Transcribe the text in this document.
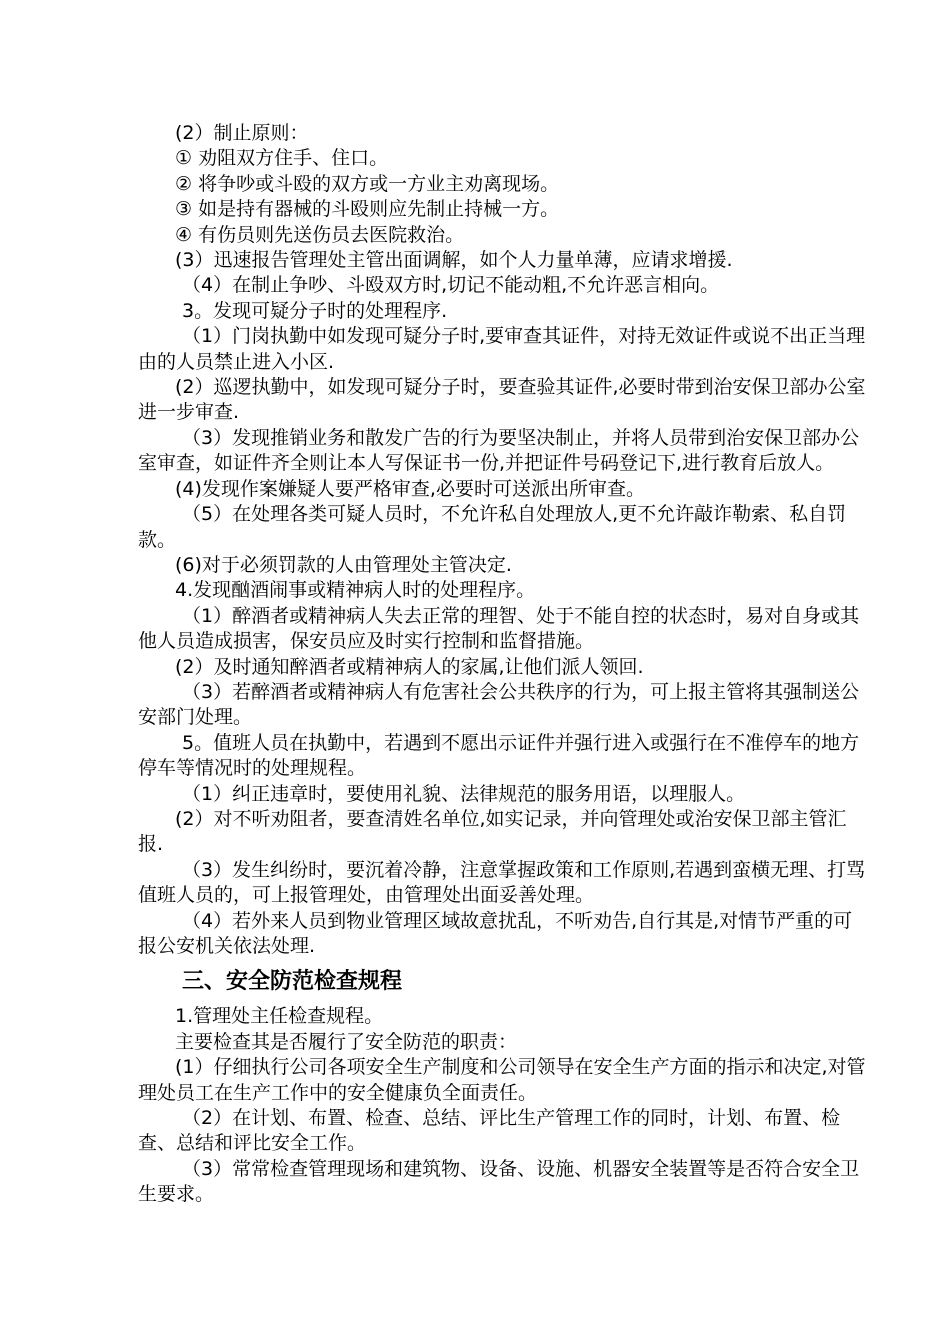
(2）制止原则：

① 劝阻双方住手、住口。

② 将争吵或斗殴的双方或一方业主劝离现场。

③ 如是持有器械的斗殴则应先制止持械一方。

④ 有伤员则先送伤员去医院救治。

(3）迅速报告管理处主管出面调解，如个人力量单薄，应请求增援.

（4）在制止争吵、斗殴双方时,切记不能动粗,不允许恶言相向。

3。发现可疑分子时的处理程序.

（1）门岗执勤中如发现可疑分子时,要审查其证件，对持无效证件或说不出正当理由的人员禁止进入小区.

(2）巡逻执勤中，如发现可疑分子时，要查验其证件,必要时带到治安保卫部办公室进一步审查.

（3）发现推销业务和散发广告的行为要坚决制止，并将人员带到治安保卫部办公室审查，如证件齐全则让本人写保证书一份,并把证件号码登记下,进行教育后放人。

(4)发现作案嫌疑人要严格审查,必要时可送派出所审查。

（5）在处理各类可疑人员时，不允许私自处理放人,更不允许敲诈勒索、私自罚款。

(6)对于必须罚款的人由管理处主管决定.

4.发现酗酒闹事或精神病人时的处理程序。

（1）醉酒者或精神病人失去正常的理智、处于不能自控的状态时，易对自身或其他人员造成损害，保安员应及时实行控制和监督措施。

(2）及时通知醉酒者或精神病人的家属,让他们派人领回.

（3）若醉酒者或精神病人有危害社会公共秩序的行为，可上报主管将其强制送公安部门处理。

5。值班人员在执勤中，若遇到不愿出示证件并强行进入或强行在不准停车的地方停车等情况时的处理规程。

（1）纠正违章时，要使用礼貌、法律规范的服务用语，以理服人。

(2）对不听劝阻者，要查清姓名单位,如实记录，并向管理处或治安保卫部主管汇报.

（3）发生纠纷时，要沉着冷静，注意掌握政策和工作原则,若遇到蛮横无理、打骂值班人员的，可上报管理处，由管理处出面妥善处理。

（4）若外来人员到物业管理区域故意扰乱，不听劝告,自行其是,对情节严重的可报公安机关依法处理.

三、安全防范检查规程

1.管理处主任检查规程。

主要检查其是否履行了安全防范的职责：

(1）仔细执行公司各项安全生产制度和公司领导在安全生产方面的指示和决定,对管理处员工在生产工作中的安全健康负全面责任。

（2）在计划、布置、检查、总结、评比生产管理工作的同时，计划、布置、检查、总结和评比安全工作。

（3）常常检查管理现场和建筑物、设备、设施、机器安全装置等是否符合安全卫生要求。
